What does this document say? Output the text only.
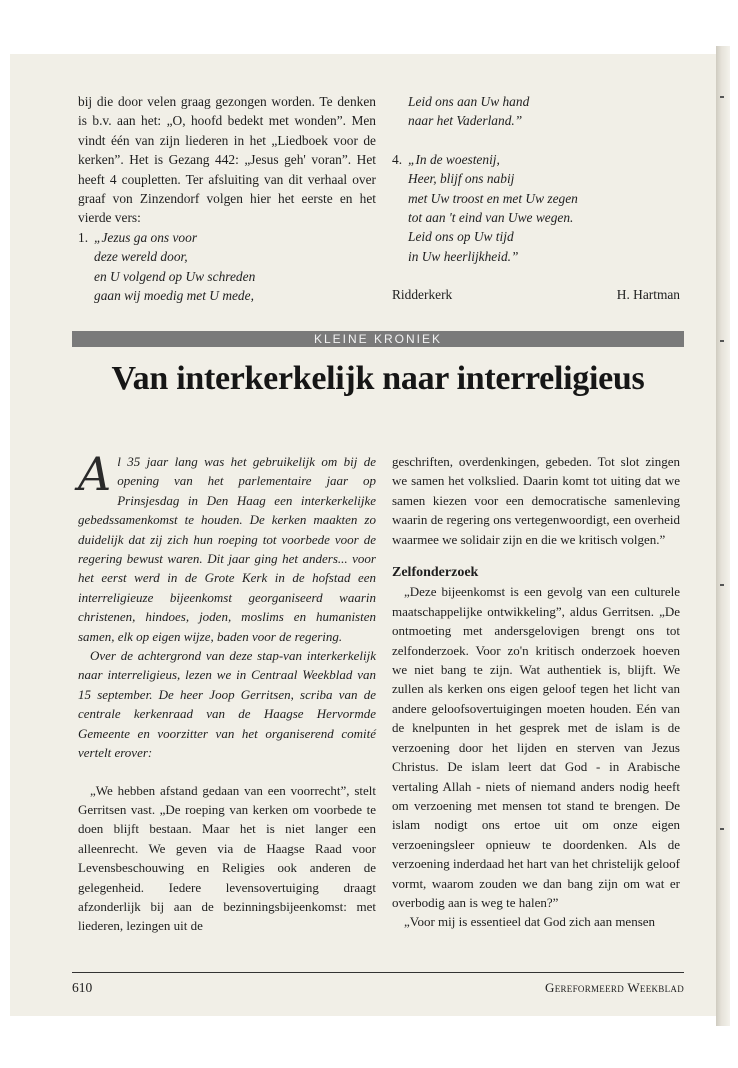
bij die door velen graag gezongen worden. Te denken is b.v. aan het: „O, hoofd bedekt met wonden”. Men vindt één van zijn liederen in het „Liedboek voor de kerken”. Het is Gezang 442: „Jesus geh' voran”. Het heeft 4 coupletten. Ter afsluiting van dit verhaal over graaf von Zinzendorf volgen hier het eerste en het vierde vers:

1. „Jezus ga ons voor
deze wereld door,
en U volgend op Uw schreden
gaan wij moedig met U mede,
Leid ons aan Uw hand
naar het Vaderland.”
4. „In de woestenij,
Heer, blijf ons nabij
met Uw troost en met Uw zegen
tot aan 't eind van Uwe wegen.
Leid ons op Uw tijd
in Uw heerlijkheid.”
Ridderkerk	H. Hartman
KLEINE KRONIEK
Van interkerkelijk naar interreligieus

Al 35 jaar lang was het gebruikelijk om bij de opening van het parlementaire jaar op Prinsjesdag in Den Haag een interkerkelijke gebedssamenkomst te houden. De kerken maakten zo duidelijk dat zij zich hun roeping tot voorbede voor de regering bewust waren. Dit jaar ging het anders... voor het eerst werd in de Grote Kerk in de hofstad een interreligieuze bijeenkomst georganiseerd waarin christenen, hindoes, joden, moslims en humanisten samen, elk op eigen wijze, baden voor de regering.

Over de achtergrond van deze stap-van interkerkelijk naar interreligieus, lezen we in Centraal Weekblad van 15 september. De heer Joop Gerritsen, scriba van de centrale kerkenraad van de Haagse Hervormde Gemeente en voorzitter van het organiserend comité vertelt erover:

„We hebben afstand gedaan van een voorrecht”, stelt Gerritsen vast. „De roeping van kerken om voorbede te doen blijft bestaan. Maar het is niet langer een alleenrecht. We geven via de Haagse Raad voor Levensbeschouwing en Religies ook anderen de gelegenheid. Iedere levensovertuiging draagt afzonderlijk bij aan de bezinningsbijeenkomst: met liederen, lezingen uit de

geschriften, overdenkingen, gebeden. Tot slot zingen we samen het volkslied. Daarin komt tot uiting dat we samen kiezen voor een democratische samenleving waarin de regering ons vertegenwoordigt, een overheid waarmee we solidair zijn en die we kritisch volgen.”

Zelfonderzoek

„Deze bijeenkomst is een gevolg van een culturele maatschappelijke ontwikkeling”, aldus Gerritsen. „De ontmoeting met andersgelovigen brengt ons tot zelfonderzoek. Voor zo'n kritisch onderzoek hoeven we niet bang te zijn. Wat authentiek is, blijft. We zullen als kerken ons eigen geloof tegen het licht van andere geloofsovertuigingen moeten houden. Eén van de knelpunten in het gesprek met de islam is de verzoening door het lijden en sterven van Jezus Christus. De islam leert dat God - in Arabische vertaling Allah - niets of niemand anders nodig heeft om verzoening met mensen tot stand te brengen. De islam nodigt ons ertoe uit om onze eigen verzoeningsleer opnieuw te doordenken. Als de verzoening inderdaad het hart van het christelijk geloof vormt, waarom zouden we dan bang zijn om wat er overbodig aan is weg te halen?”

„Voor mij is essentieel dat God zich aan mensen

610	Gereformeerd Weekblad
